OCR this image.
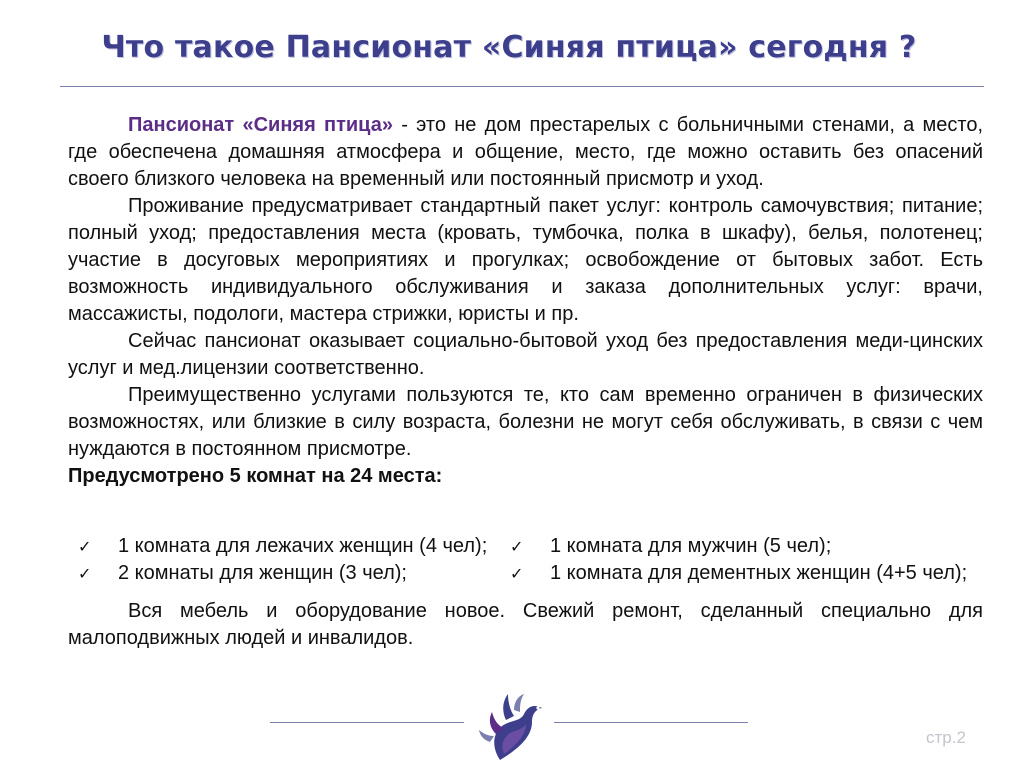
Что такое Пансионат «Синяя птица» сегодня ?

Пансионат «Синяя птица» - это не дом престарелых с больничными стенами, а место, где обеспечена домашняя атмосфера и общение, место, где можно оставить без опасений своего близкого человека на временный или постоянный присмотр и уход.

Проживание предусматривает стандартный пакет услуг: контроль самочувствия; питание; полный уход; предоставления места (кровать, тумбочка, полка в шкафу), белья, полотенец; участие в досуговых мероприятиях и прогулках; освобождение от бытовых забот. Есть возможность индивидуального обслуживания и заказа дополнительных услуг: врачи, массажисты, подологи, мастера стрижки, юристы и пр.

Сейчас пансионат оказывает социально-бытовой уход без предоставления меди-цинских услуг и мед.лицензии соответственно.

Преимущественно услугами пользуются те, кто сам временно ограничен в физических возможностях, или близкие в силу возраста, болезни не могут себя обслуживать, в связи с чем нуждаются в постоянном присмотре.

Предусмотрено 5 комнат на 24 места:

✓	1 комната для лежачих женщин (4 чел); ✓	1 комната для мужчин (5 чел);
✓	2 комнаты для женщин (3 чел);	✓	1 комната для дементных женщин (4+5 чел);

Вся мебель и оборудование новое. Свежий ремонт, сделанный специально для малоподвижных людей и инвалидов.

стр.2
